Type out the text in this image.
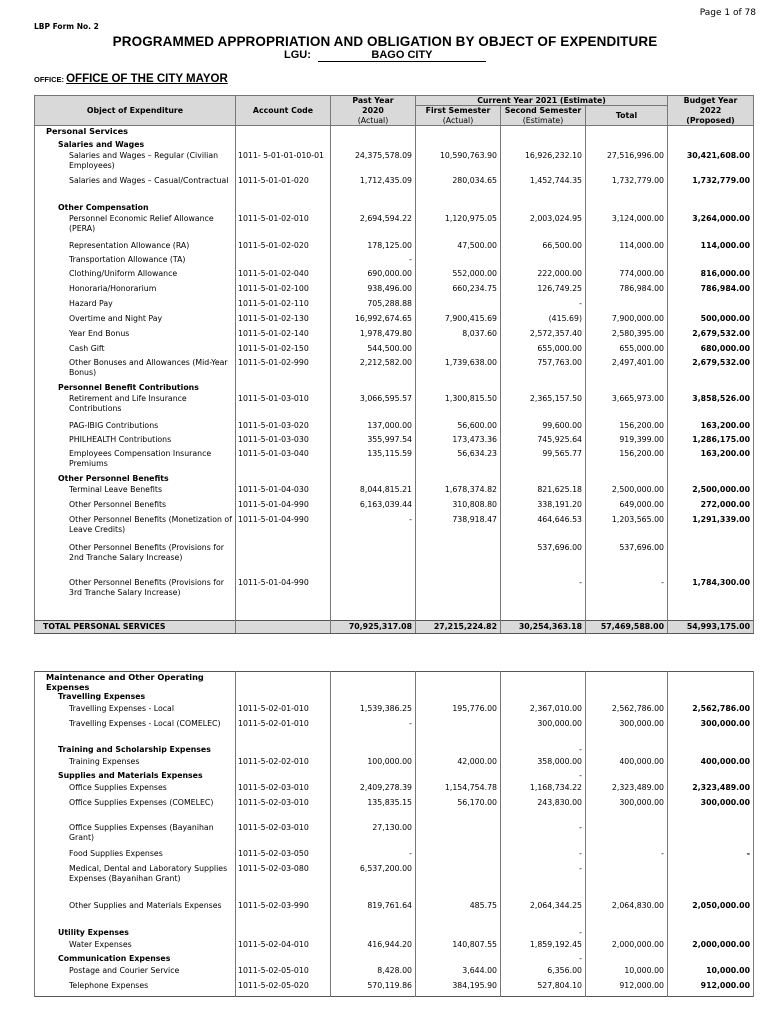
Page 1 of 78
LBP Form No. 2
PROGRAMMED APPROPRIATION AND OBLIGATION BY OBJECT OF EXPENDITURE
LGU:	BAGO CITY
OFFICE: OFFICE OF THE CITY MAYOR
Object of Expenditure	Account Code	Past Year	Current Year 2021 (Estimate)			Budget Year
		2020	First Semester	Second Semester	Total	2022
		(Actual)	(Actual)	(Estimate)		(Proposed)
Personal Services						
Salaries and Wages						
Salaries and Wages – Regular (Civilian Employees)	1011- 5-01-01-010-01	24,375,578.09	10,590,763.90	16,926,232.10	27,516,996.00	30,421,608.00
Salaries and Wages – Casual/Contractual	1011-5-01-01-020	1,712,435.09	280,034.65	1,452,744.35	1,732,779.00	1,732,779.00
Other Compensation						
Personnel Economic Relief Allowance (PERA)	1011-5-01-02-010	2,694,594.22	1,120,975.05	2,003,024.95	3,124,000.00	3,264,000.00
Representation Allowance (RA)	1011-5-01-02-020	178,125.00	47,500.00	66,500.00	114,000.00	114,000.00
Transportation Allowance (TA)		-				
Clothing/Uniform Allowance	1011-5-01-02-040	690,000.00	552,000.00	222,000.00	774,000.00	816,000.00
Honoraria/Honorarium	1011-5-01-02-100	938,496.00	660,234.75	126,749.25	786,984.00	786,984.00
Hazard Pay	1011-5-01-02-110	705,288.88		-		
Overtime and Night Pay	1011-5-01-02-130	16,992,674.65	7,900,415.69	(415.69)	7,900,000.00	500,000.00
Year End Bonus	1011-5-01-02-140	1,978,479.80	8,037.60	2,572,357.40	2,580,395.00	2,679,532.00
Cash Gift	1011-5-01-02-150	544,500.00		655,000.00	655,000.00	680,000.00
Other Bonuses and Allowances (Mid-Year Bonus)	1011-5-01-02-990	2,212,582.00	1,739,638.00	757,763.00	2,497,401.00	2,679,532.00
Personnel Benefit Contributions						
Retirement and Life Insurance Contributions	1011-5-01-03-010	3,066,595.57	1,300,815.50	2,365,157.50	3,665,973.00	3,858,526.00
PAG-IBIG Contributions	1011-5-01-03-020	137,000.00	56,600.00	99,600.00	156,200.00	163,200.00
PHILHEALTH Contributions	1011-5-01-03-030	355,997.54	173,473.36	745,925.64	919,399.00	1,286,175.00
Employees Compensation Insurance Premiums	1011-5-01-03-040	135,115.59	56,634.23	99,565.77	156,200.00	163,200.00
Other Personnel Benefits						
Terminal Leave Benefits	1011-5-01-04-030	8,044,815.21	1,678,374.82	821,625.18	2,500,000.00	2,500,000.00
Other Personnel Benefits	1011-5-01-04-990	6,163,039.44	310,808.80	338,191.20	649,000.00	272,000.00
Other Personnel Benefits (Monetization of Leave Credits)	1011-5-01-04-990	-	738,918.47	464,646.53	1,203,565.00	1,291,339.00
Other Personnel Benefits (Provisions for 2nd Tranche Salary Increase)				537,696.00	537,696.00	
Other Personnel Benefits (Provisions for 3rd Tranche Salary Increase)	1011-5-01-04-990			-	-	1,784,300.00

TOTAL PERSONAL SERVICES		70,925,317.08	27,215,224.82	30,254,363.18	57,469,588.00	54,993,175.00
Maintenance and Other Operating Expenses						
Travelling Expenses						
Travelling Expenses - Local	1011-5-02-01-010	1,539,386.25	195,776.00	2,367,010.00	2,562,786.00	2,562,786.00
Travelling Expenses - Local (COMELEC)	1011-5-02-01-010	-		300,000.00	300,000.00	300,000.00
Training and Scholarship Expenses				-		
Training Expenses	1011-5-02-02-010	100,000.00	42,000.00	358,000.00	400,000.00	400,000.00
Supplies and Materials Expenses				-		
Office Supplies Expenses	1011-5-02-03-010	2,409,278.39	1,154,754.78	1,168,734.22	2,323,489.00	2,323,489.00
Office Supplies Expenses (COMELEC)	1011-5-02-03-010	135,835.15	56,170.00	243,830.00	300,000.00	300,000.00
Office Supplies Expenses (Bayanihan Grant)	1011-5-02-03-010	27,130.00		-		
Food Supplies Expenses	1011-5-02-03-050	-		-	-	-
Medical, Dental and Laboratory Supplies Expenses (Bayanihan Grant)	1011-5-02-03-080	6,537,200.00		-		
Other Supplies and Materials Expenses	1011-5-02-03-990	819,761.64	485.75	2,064,344.25	2,064,830.00	2,050,000.00
Utility Expenses				-		
Water Expenses	1011-5-02-04-010	416,944.20	140,807.55	1,859,192.45	2,000,000.00	2,000,000.00
Communication Expenses				-		
Postage and Courier Service	1011-5-02-05-010	8,428.00	3,644.00	6,356.00	10,000.00	10,000.00
Telephone Expenses	1011-5-02-05-020	570,119.86	384,195.90	527,804.10	912,000.00	912,000.00
